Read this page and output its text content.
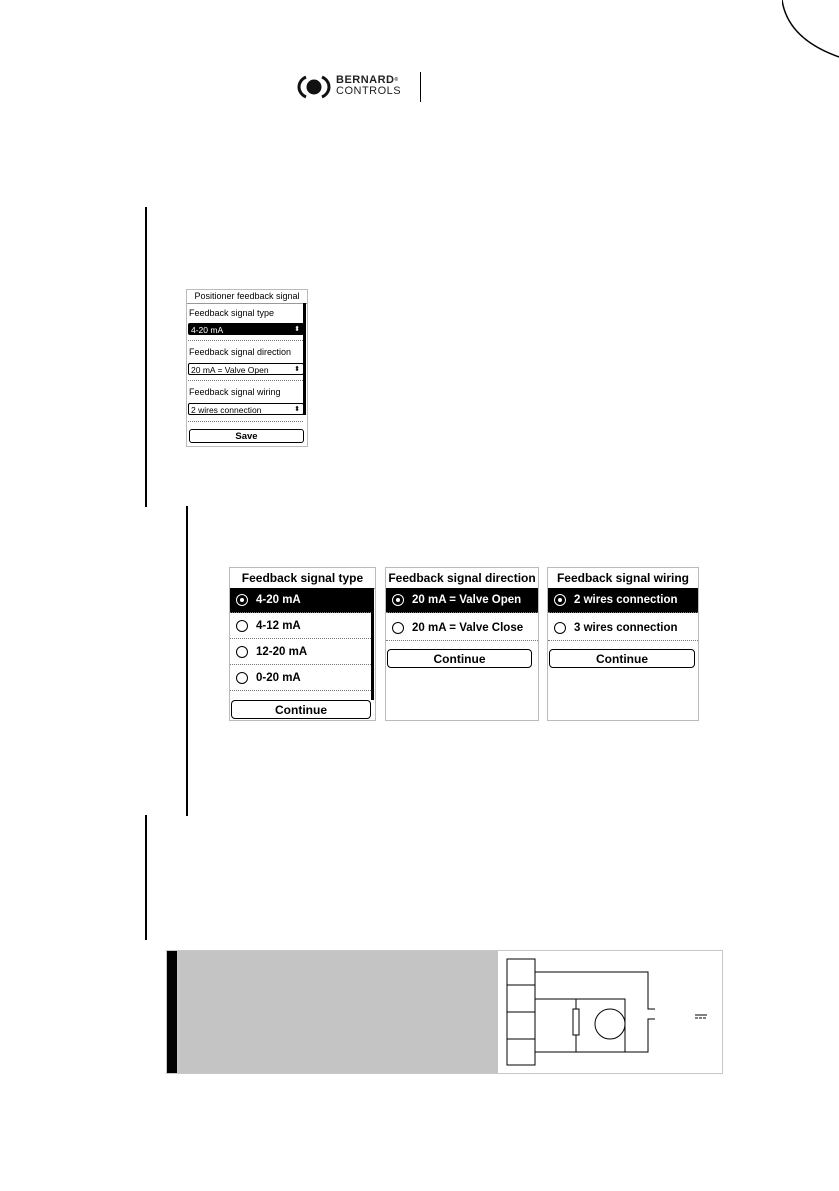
BERNARD®
CONTROLS
Positioner feedback signal
Feedback signal type
4-20 mA	⬍
Feedback signal direction
20 mA = Valve Open	⬍
Feedback signal wiring
2 wires connection	⬍
Save
Feedback signal type
4-20 mA
4-12 mA
12-20 mA
0-20 mA
Continue
Feedback signal direction
20 mA = Valve Open
20 mA = Valve Close
Continue
Feedback signal wiring
2 wires connection
3 wires connection
Continue
